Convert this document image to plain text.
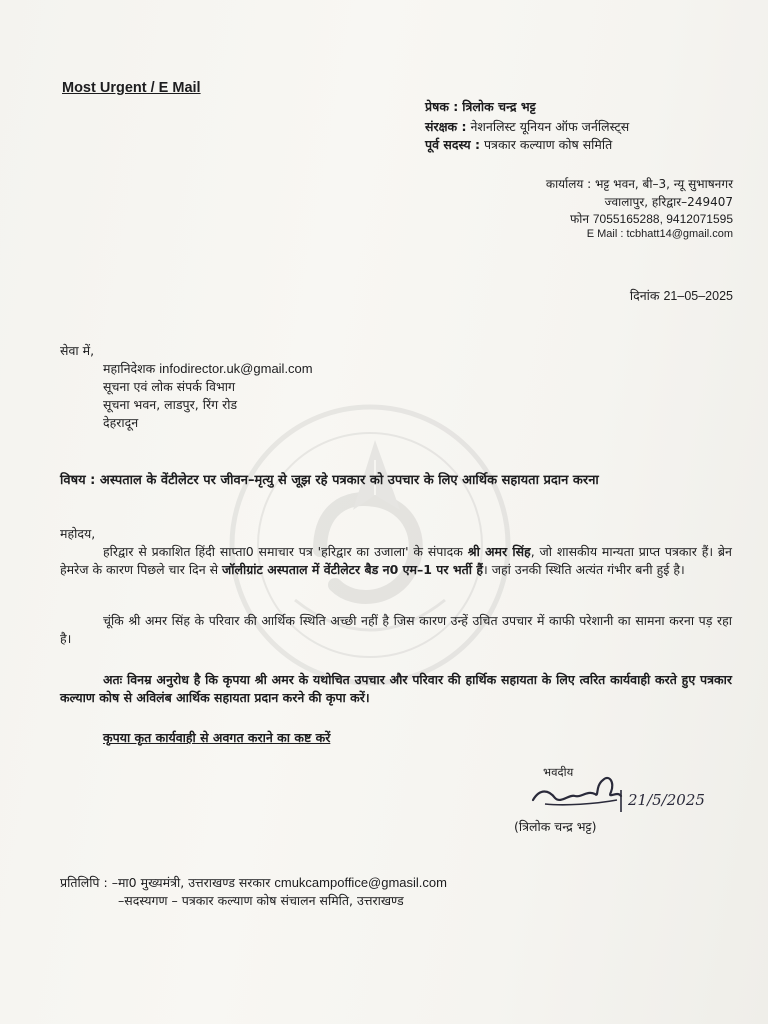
Most Urgent / E Mail
प्रेषक : त्रिलोक चन्द्र भट्ट
संरक्षक : नेशनलिस्ट यूनियन ऑफ जर्नलिस्ट्स
पूर्व सदस्य : पत्रकार कल्याण कोष समिति
कार्यालय : भट्ट भवन, बी–3, न्यू सुभाषनगर
ज्वालापुर, हरिद्वार–249407
फोन 7055165288, 9412071595
E Mail : tcbhatt14@gmail.com
दिनांक 21–05–2025
सेवा में,
महानिदेशक infodirector.uk@gmail.com
सूचना एवं लोक संपर्क विभाग
सूचना भवन, लाडपुर, रिंग रोड
देहरादून
विषय : अस्पताल के वेंटीलेटर पर जीवन–मृत्यु से जूझ रहे पत्रकार को उपचार के लिए आर्थिक सहायता प्रदान करना
महोदय,
हरिद्वार से प्रकाशित हिंदी साप्ता0 समाचार पत्र 'हरिद्वार का उजाला' के संपादक श्री अमर सिंह, जो शासकीय मान्यता प्राप्त पत्रकार हैं। ब्रेन हेमरेज के कारण पिछले चार दिन से जॉलीग्रांट अस्पताल में वेंटीलेटर बैड न0 एम–1 पर भर्ती हैं। जहां उनकी स्थिति अत्यंत गंभीर बनी हुई है।
चूंकि श्री अमर सिंह के परिवार की आर्थिक स्थिति अच्छी नहीं है जिस कारण उन्हें उचित उपचार में काफी परेशानी का सामना करना पड़ रहा है।
अतः विनम्र अनुरोध है कि कृपया श्री अमर के यथोचित उपचार और परिवार की हार्थिक सहायता के लिए त्वरित कार्यवाही करते हुए पत्रकार कल्याण कोष से अविलंब आर्थिक सहायता प्रदान करने की कृपा करें।
कृपया कृत कार्यवाही से अवगत कराने का कष्ट करें
भवदीय
21/5/2025
(त्रिलोक चन्द्र भट्ट)
प्रतिलिपि : –मा0 मुख्यमंत्री, उत्तराखण्ड सरकार cmukcampoffice@gmasil.com
–सदस्यगण – पत्रकार कल्याण कोष संचालन समिति, उत्तराखण्ड
